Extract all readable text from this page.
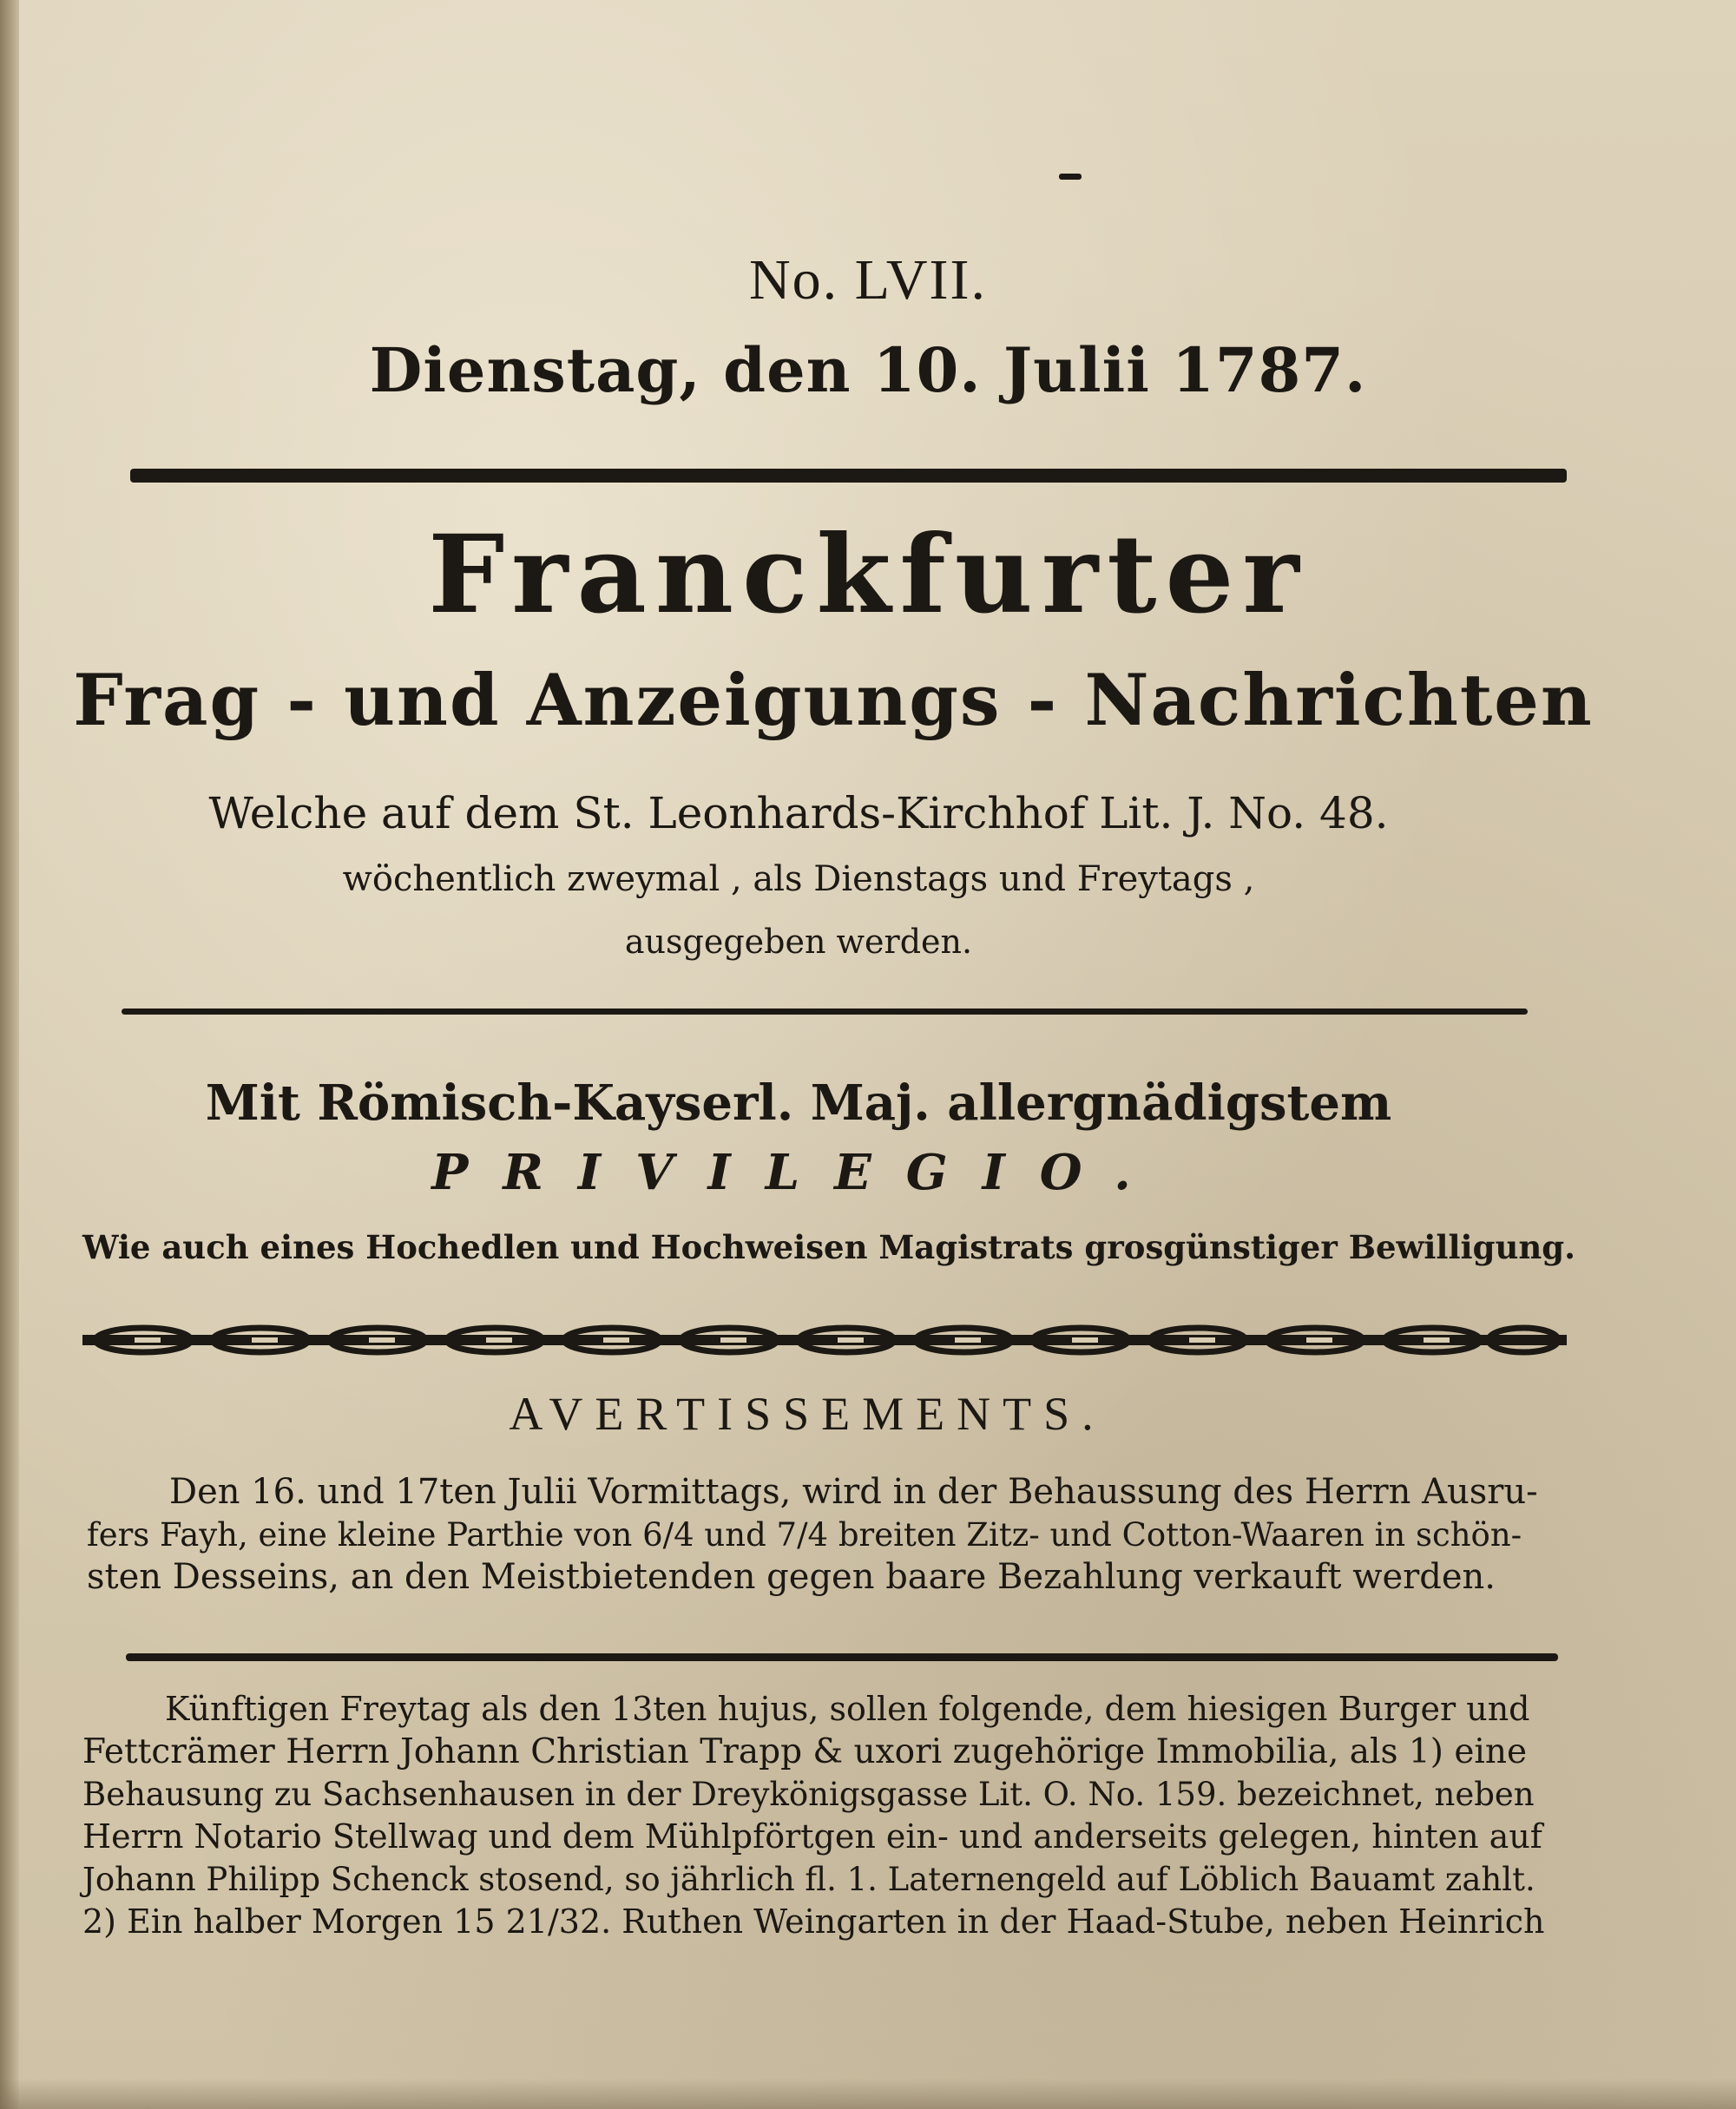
No. LVII.
Dienstag, den 10. Julii 1787.
Franckfurter
Frag - und Anzeigungs - Nachrichten
Welche auf dem St. Leonhards-Kirchhof Lit. J. No. 48.
wöchentlich zweymal , als Dienstags und Freytags ,
ausgegeben werden.
Mit Römisch-Kayserl. Maj. allergnädigstem
PRIVILEGIO.
Wie auch eines Hochedlen und Hochweisen Magistrats grosgünstiger Bewilligung.
AVERTISSEMENTS.
Den 16. und 17ten Julii Vormittags, wird in der Behaussung des Herrn Ausru-
fers Fayh, eine kleine Parthie von 6/4 und 7/4 breiten Zitz- und Cotton-Waaren in schön-
sten Desseins, an den Meistbietenden gegen baare Bezahlung verkauft werden.
Künftigen Freytag als den 13ten hujus, sollen folgende, dem hiesigen Burger und
Fettcrämer Herrn Johann Christian Trapp & uxori zugehörige Immobilia, als 1) eine
Behausung zu Sachsenhausen in der Dreykönigsgasse Lit. O. No. 159. bezeichnet, neben
Herrn Notario Stellwag und dem Mühlpförtgen ein- und anderseits gelegen, hinten auf
Johann Philipp Schenck stosend, so jährlich fl. 1. Laternengeld auf Löblich Bauamt zahlt.
2) Ein halber Morgen 15 21/32. Ruthen Weingarten in der Haad-Stube, neben Heinrich
